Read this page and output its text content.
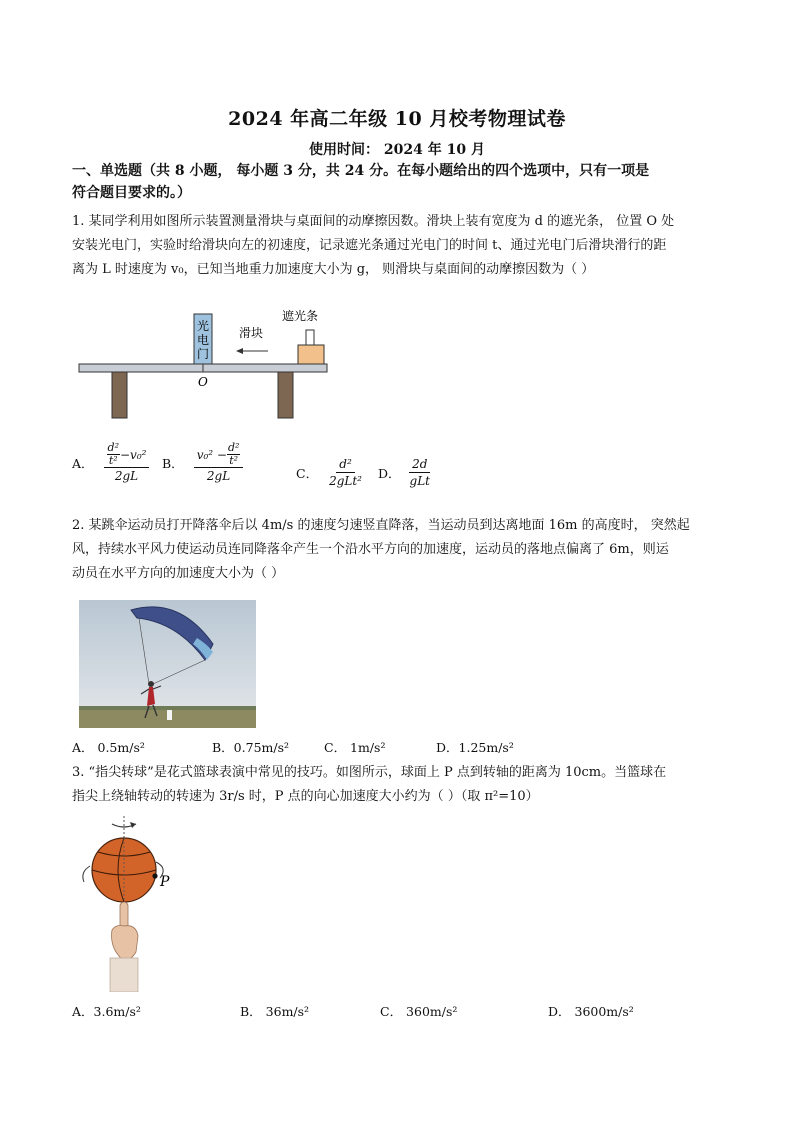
2024 年高二年级 10 月校考物理试卷
使用时间： 2024 年 10 月
一、单选题（共 8 小题， 每小题 3 分，共 24 分。在每小题给出的四个选项中，只有一项是
符合题目要求的。）
1. 某同学利用如图所示装置测量滑块与桌面间的动摩擦因数。滑块上装有宽度为 d 的遮光条， 位置 O 处
安装光电门，实验时给滑块向左的初速度，记录遮光条通过光电门的时间 t、通过光电门后滑块滑行的距
离为 L 时速度为 v₀，已知当地重力加速度大小为 g， 则滑块与桌面间的动摩擦因数为（ ）
光
电
门
O
滑块
遮光条
A． d²
t² −v₀²
2gL B． $\frac{v_0^2 - \frac{\text{d²}}{\text{t²}}}{2gL}$	C． $\frac{\text{d²}}{\text{2gLt²}}$ D． $\frac{2d}{\text{gLt}}$
2. 某跳伞运动员打开降落伞后以 4m/s 的速度匀速竖直降落，当运动员到达离地面 16m 的高度时， 突然起
风，持续水平风力使运动员连同降落伞产生一个沿水平方向的加速度，运动员的落地点偏离了 6m，则运
动员在水平方向的加速度大小为（ ）
A． 0.5m/s²	B．0.75m/s²	C． 1m/s²	D．1.25m/s²
3. “指尖转球”是花式篮球表演中常见的技巧。如图所示，球面上 P 点到转轴的距离为 10cm。当篮球在
指尖上绕轴转动的转速为 3r/s 时，P 点的向心加速度大小约为（ ）（取 π²=10）
P
A．3.6m/s²	B． 36m/s²	C． 360m/s²	D． 3600m/s²
